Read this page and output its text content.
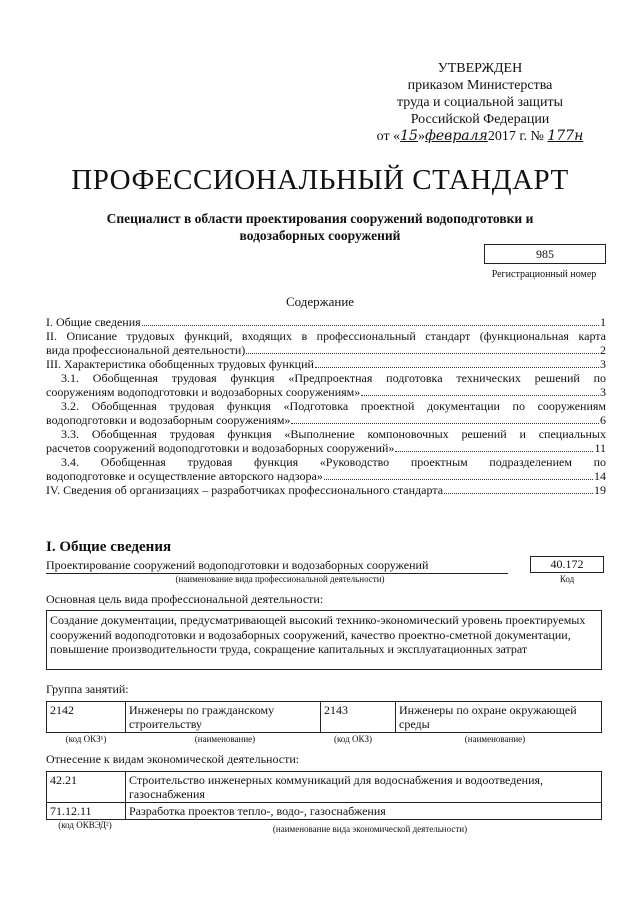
УТВЕРЖДЕН
приказом Министерства
труда и социальной защиты
Российской Федерации
от «15»февраля2017 г. № 177н
ПРОФЕССИОНАЛЬНЫЙ СТАНДАРТ
Специалист в области проектирования сооружений водоподготовки и водозаборных сооружений
985
Регистрационный номер
Содержание
I. Общие сведения	1
II. Описание трудовых функций, входящих в профессиональный стандарт (функциональная карта
вида профессиональной деятельности)	2
III. Характеристика обобщенных трудовых функций	3
3.1. Обобщенная трудовая функция «Предпроектная подготовка технических решений по
сооружениям водоподготовки и водозаборных сооружениям»	3
3.2. Обобщенная трудовая функция «Подготовка проектной документации по сооружениям
водоподготовки и водозаборным сооружениям»	6
3.3. Обобщенная трудовая функция «Выполнение компоновочных решений и специальных
расчетов сооружений водоподготовки и водозаборных сооружений»	11
3.4. Обобщенная трудовая функция «Руководство проектным подразделением по
водоподготовке и осуществление авторского надзора»	14
IV. Сведения об организациях – разработчиках профессионального стандарта	19
I. Общие сведения
Проектирование сооружений водоподготовки и водозаборных сооружений
(наименование вида профессиональной деятельности)
40.172
Код
Основная цель вида профессиональной деятельности:
Создание документации, предусматривающей высокий технико-экономический уровень проектируемых сооружений водоподготовки и водозаборных сооружений, качество проектно-сметной документации, повышение производительности труда, сокращение капитальных и эксплуатационных затрат
Группа занятий:
2142	Инженеры по гражданскому строительству	2143	Инженеры по охране окружающей среды
(код ОКЗ¹)	(наименование)	(код ОКЗ)	(наименование)
Отнесение к видам экономической деятельности:
42.21	Строительство инженерных коммуникаций для водоснабжения и водоотведения, газоснабжения
71.12.11	Разработка проектов тепло-, водо-, газоснабжения
(код ОКВЭД²)	(наименование вида экономической деятельности)
